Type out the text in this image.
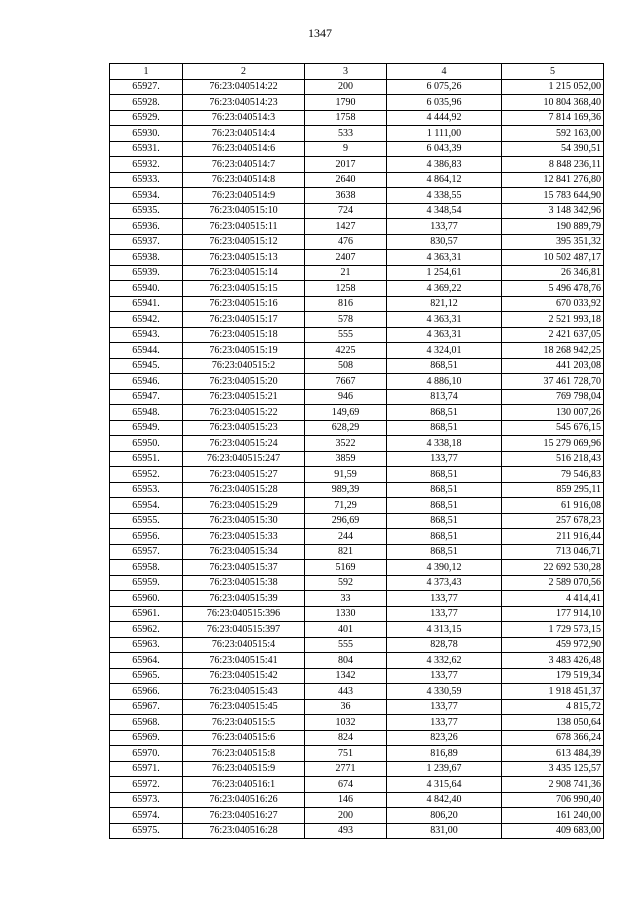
1347
1	2	3	4	5
65927.	76:23:040514:22	200	6 075,26	1 215 052,00
65928.	76:23:040514:23	1790	6 035,96	10 804 368,40
65929.	76:23:040514:3	1758	4 444,92	7 814 169,36
65930.	76:23:040514:4	533	1 111,00	592 163,00
65931.	76:23:040514:6	9	6 043,39	54 390,51
65932.	76:23:040514:7	2017	4 386,83	8 848 236,11
65933.	76:23:040514:8	2640	4 864,12	12 841 276,80
65934.	76:23:040514:9	3638	4 338,55	15 783 644,90
65935.	76:23:040515:10	724	4 348,54	3 148 342,96
65936.	76:23:040515:11	1427	133,77	190 889,79
65937.	76:23:040515:12	476	830,57	395 351,32
65938.	76:23:040515:13	2407	4 363,31	10 502 487,17
65939.	76:23:040515:14	21	1 254,61	26 346,81
65940.	76:23:040515:15	1258	4 369,22	5 496 478,76
65941.	76:23:040515:16	816	821,12	670 033,92
65942.	76:23:040515:17	578	4 363,31	2 521 993,18
65943.	76:23:040515:18	555	4 363,31	2 421 637,05
65944.	76:23:040515:19	4225	4 324,01	18 268 942,25
65945.	76:23:040515:2	508	868,51	441 203,08
65946.	76:23:040515:20	7667	4 886,10	37 461 728,70
65947.	76:23:040515:21	946	813,74	769 798,04
65948.	76:23:040515:22	149,69	868,51	130 007,26
65949.	76:23:040515:23	628,29	868,51	545 676,15
65950.	76:23:040515:24	3522	4 338,18	15 279 069,96
65951.	76:23:040515:247	3859	133,77	516 218,43
65952.	76:23:040515:27	91,59	868,51	79 546,83
65953.	76:23:040515:28	989,39	868,51	859 295,11
65954.	76:23:040515:29	71,29	868,51	61 916,08
65955.	76:23:040515:30	296,69	868,51	257 678,23
65956.	76:23:040515:33	244	868,51	211 916,44
65957.	76:23:040515:34	821	868,51	713 046,71
65958.	76:23:040515:37	5169	4 390,12	22 692 530,28
65959.	76:23:040515:38	592	4 373,43	2 589 070,56
65960.	76:23:040515:39	33	133,77	4 414,41
65961.	76:23:040515:396	1330	133,77	177 914,10
65962.	76:23:040515:397	401	4 313,15	1 729 573,15
65963.	76:23:040515:4	555	828,78	459 972,90
65964.	76:23:040515:41	804	4 332,62	3 483 426,48
65965.	76:23:040515:42	1342	133,77	179 519,34
65966.	76:23:040515:43	443	4 330,59	1 918 451,37
65967.	76:23:040515:45	36	133,77	4 815,72
65968.	76:23:040515:5	1032	133,77	138 050,64
65969.	76:23:040515:6	824	823,26	678 366,24
65970.	76:23:040515:8	751	816,89	613 484,39
65971.	76:23:040515:9	2771	1 239,67	3 435 125,57
65972.	76:23:040516:1	674	4 315,64	2 908 741,36
65973.	76:23:040516:26	146	4 842,40	706 990,40
65974.	76:23:040516:27	200	806,20	161 240,00
65975.	76:23:040516:28	493	831,00	409 683,00
